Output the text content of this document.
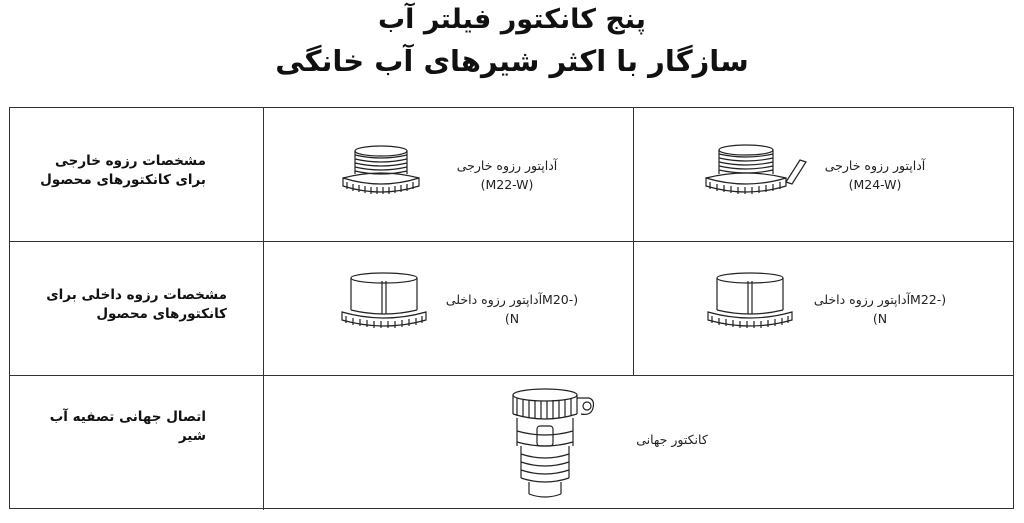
پنج کانکتور فیلتر آب
سازگار با اکثر شیرهای آب خانگی
مشخصات رزوه خارجی
برای کانکتورهای محصول
آداپتور رزوه خارجی
(M22-W)
آداپتور رزوه خارجی
(M24-W)
مشخصات رزوه داخلی برای
کانکتورهای محصول
(M20-‎آداپتور رزوه داخلی
N)
(M22-‎آداپتور رزوه داخلی
N)
اتصال جهانی تصفیه آب
شیر	کانکتور جهانی
